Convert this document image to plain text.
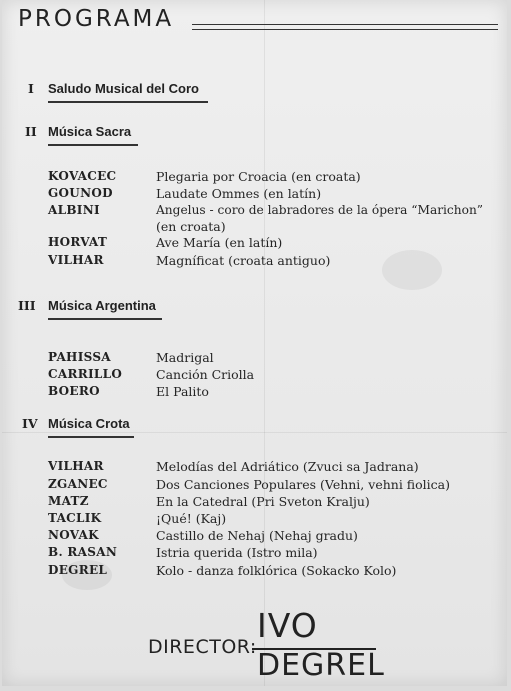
PROGRAMA
I Saludo Musical del Coro
II Música Sacra
KOVACEC	Plegaria por Croacia (en croata)
GOUNOD	Laudate Ommes (en latín)
ALBINI	Angelus - coro de labradores de la ópera “Marichon”
(en croata)
HORVAT	Ave María (en latín)
VILHAR	Magníficat (croata antiguo)
III Música Argentina
PAHISSA	Madrigal
CARRILLO	Canción Criolla
BOERO	El Palito
IV Música Crota
VILHAR	Melodías del Adriático (Zvuci sa Jadrana)
ZGANEC	Dos Canciones Populares (Vehni, vehni fiolica)
MATZ	En la Catedral (Pri Sveton Kralju)
TACLIK	¡Qué! (Kaj)
NOVAK	Castillo de Nehaj (Nehaj gradu)
B. RASAN	Istria querida (Istro mila)
DEGREL	Kolo - danza folklórica (Sokacko Kolo)
DIRECTOR:
IVO
DEGREL
